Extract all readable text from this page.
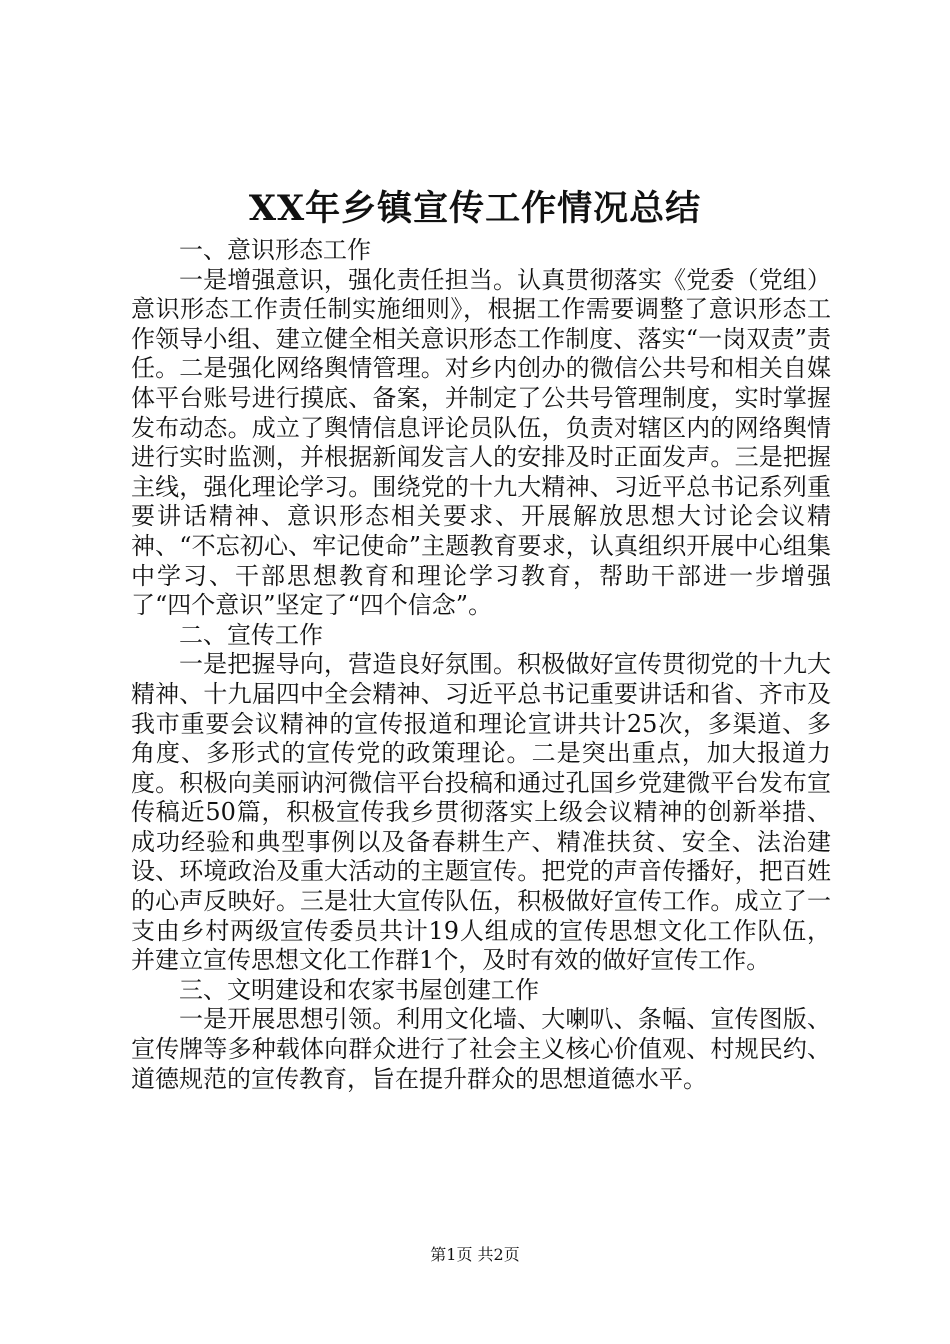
XX年乡镇宣传工作情况总结

一、意识形态工作

一是增强意识，强化责任担当。认真贯彻落实《党委（党组）意识形态工作责任制实施细则》，根据工作需要调整了意识形态工作领导小组、建立健全相关意识形态工作制度、落实“一岗双责”责任。二是强化网络舆情管理。对乡内创办的微信公共号和相关自媒体平台账号进行摸底、备案，并制定了公共号管理制度，实时掌握发布动态。成立了舆情信息评论员队伍，负责对辖区内的网络舆情进行实时监测，并根据新闻发言人的安排及时正面发声。三是把握主线，强化理论学习。围绕党的十九大精神、习近平总书记系列重要讲话精神、意识形态相关要求、开展解放思想大讨论会议精神、“不忘初心、牢记使命”主题教育要求，认真组织开展中心组集中学习、干部思想教育和理论学习教育，帮助干部进一步增强了“四个意识”坚定了“四个信念”。

二、宣传工作

一是把握导向，营造良好氛围。积极做好宣传贯彻党的十九大精神、十九届四中全会精神、习近平总书记重要讲话和省、齐市及我市重要会议精神的宣传报道和理论宣讲共计25次，多渠道、多角度、多形式的宣传党的政策理论。二是突出重点，加大报道力度。积极向美丽讷河微信平台投稿和通过孔国乡党建微平台发布宣传稿近50篇，积极宣传我乡贯彻落实上级会议精神的创新举措、成功经验和典型事例以及备春耕生产、精准扶贫、安全、法治建设、环境政治及重大活动的主题宣传。把党的声音传播好，把百姓的心声反映好。三是壮大宣传队伍，积极做好宣传工作。成立了一支由乡村两级宣传委员共计19人组成的宣传思想文化工作队伍，并建立宣传思想文化工作群1个，及时有效的做好宣传工作。

三、文明建设和农家书屋创建工作

一是开展思想引领。利用文化墙、大喇叭、条幅、宣传图版、宣传牌等多种载体向群众进行了社会主义核心价值观、村规民约、道德规范的宣传教育，旨在提升群众的思想道德水平。

第1页 共2页
